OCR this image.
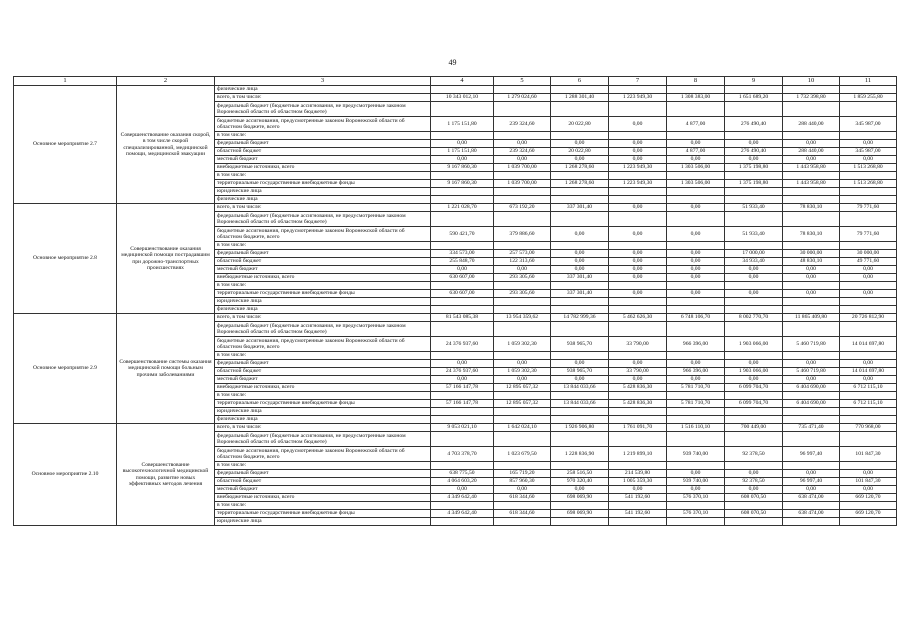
49
1	2	3	4	5	6	7	8	9	10	11
Основное мероприятие 2.7	Совершенствование оказания скорой, в том числе скорой специализированной, медицинской помощи, медицинской эвакуации	физические лица								
		всего, в том числе:	10 343 012,10	1 279 024,60	1 288 301,40	1 223 949,30	1 308 383,00	1 651 689,20	1 732 398,80	1 859 255,80
		федеральный бюджет (бюджетные ассигнования, не предусмотренные законом Воронежской области об областном бюджете)								
		бюджетные ассигнования, предусмотренные законом Воронежской области об областном бюджете, всего	1 175 151,80	239 324,60	20 022,80	0,00	4 877,00	276 490,40	288 440,00	345 987,00
		в том числе:								
		федеральный бюджет	0,00	0,00	0,00	0,00	0,00	0,00	0,00	0,00
		областной бюджет	1 175 151,80	239 324,60	20 022,80	0,00	4 877,00	276 490,40	288 440,00	345 987,00
		местный бюджет	0,00	0,00	0,00	0,00	0,00	0,00	0,00	0,00
		внебюджетные источники, всего	9 167 860,30	1 039 700,00	1 268 278,60	1 223 949,30	1 303 506,00	1 375 198,80	1 443 958,80	1 513 268,80
		в том числе:								
		территориальные государственные внебюджетные фонды	9 167 860,30	1 039 700,00	1 268 278,60	1 223 949,30	1 303 506,00	1 375 198,80	1 443 958,80	1 513 268,80
		юридические лица								
		физические лица								
Основное мероприятие 2.8	Совершенствование оказания медицинской помощи пострадавшим при дорожно-транспортных происшествиях	всего, в том числе:	1 221 028,70	673 192,20	337 301,40	0,00	0,00	51 933,40	78 830,10	79 771,60
		федеральный бюджет (бюджетные ассигнования, не предусмотренные законом Воронежской области об областном бюджете)								
		бюджетные ассигнования, предусмотренные законом Воронежской области об областном бюджете, всего	590 421,70	379 886,60	0,00	0,00	0,00	51 933,40	78 830,10	79 771,60
		в том числе:								
		федеральный бюджет	334 573,00	257 573,00	0,00	0,00	0,00	17 000,00	30 000,00	30 000,00
		областной бюджет	255 848,70	122 313,60	0,00	0,00	0,00	34 933,40	48 830,10	49 771,60
		местный бюджет	0,00	0,00	0,00	0,00	0,00	0,00	0,00	0,00
		внебюджетные источники, всего	630 607,00	293 305,60	337 301,40	0,00	0,00	0,00	0,00	0,00
		в том числе:								
		территориальные государственные внебюджетные фонды	630 607,00	293 305,60	337 301,40	0,00	0,00	0,00	0,00	0,00
		юридические лица								
		физические лица								
Основное мероприятие 2.9	Совершенствование системы оказания медицинской помощи больным прочими заболеваниями	всего, в том числе:	81 543 085,38	13 954 359,62	14 782 999,36	5 462 626,30	6 748 106,70	8 002 770,70	11 865 409,80	20 726 812,90
		федеральный бюджет (бюджетные ассигнования, не предусмотренные законом Воронежской области об областном бюджете)								
		бюджетные ассигнования, предусмотренные законом Воронежской области об областном бюджете, всего	24 376 937,60	1 059 302,30	938 965,70	33 790,00	966 396,00	1 903 066,00	5 460 719,80	14 014 697,80
		в том числе:								
		федеральный бюджет	0,00	0,00	0,00	0,00	0,00	0,00	0,00	0,00
		областной бюджет	24 376 937,60	1 059 302,30	938 965,70	33 790,00	966 396,00	1 903 066,00	5 460 719,80	14 014 697,80
		местный бюджет	0,00	0,00	0,00	0,00	0,00	0,00	0,00	0,00
		внебюджетные источники, всего	57 166 147,78	12 895 057,32	13 844 033,66	5 428 836,30	5 781 710,70	6 099 704,70	6 404 690,00	6 712 115,10
		в том числе:								
		территориальные государственные внебюджетные фонды	57 166 147,78	12 895 057,32	13 844 033,66	5 428 836,30	5 781 710,70	6 099 704,70	6 404 690,00	6 712 115,10
		юридические лица								
		физические лица								
Основное мероприятие 2.10	Совершенствование высокотехнологичной медицинской помощи, развитие новых эффективных методов лечения	всего, в том числе:	9 053 021,10	1 642 024,10	1 926 906,80	1 761 091,70	1 516 110,10	700 449,00	735 471,40	770 968,00
		федеральный бюджет (бюджетные ассигнования, не предусмотренные законом Воронежской области об областном бюджете)								
		бюджетные ассигнования, предусмотренные законом Воронежской области об областном бюджете, всего	4 703 378,70	1 023 679,50	1 228 836,90	1 219 899,10	939 740,00	92 378,50	96 997,40	101 847,30
		в том числе:								
		федеральный бюджет	638 775,50	165 719,20	258 516,50	214 539,80	0,00	0,00	0,00	0,00
		областной бюджет	4 064 603,20	857 960,30	970 320,40	1 005 359,30	939 740,00	92 378,50	96 997,40	101 847,30
		местный бюджет	0,00	0,00	0,00	0,00	0,00	0,00	0,00	0,00
		внебюджетные источники, всего	4 349 642,40	618 344,60	698 069,90	541 192,60	576 370,10	608 070,50	638 474,00	669 120,70
		в том числе:								
		территориальные государственные внебюджетные фонды	4 349 642,40	618 344,60	698 069,90	541 192,60	576 370,10	608 070,50	638 474,00	669 120,70
		юридические лица								
